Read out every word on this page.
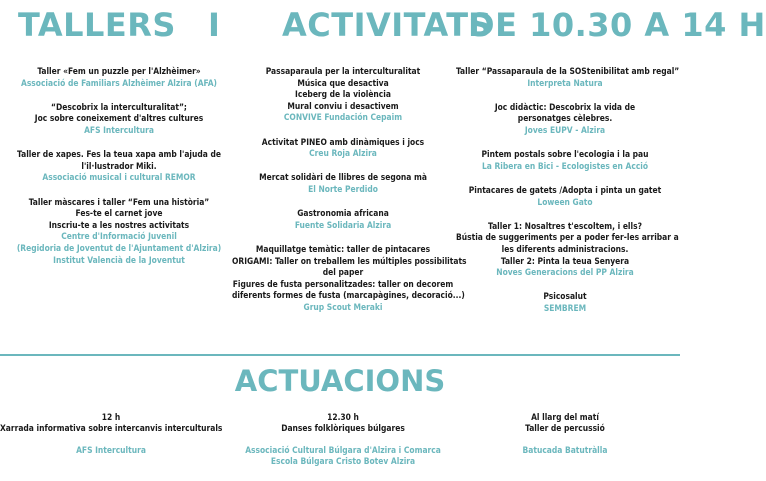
TALLERS I ACTIVITATS
DE 10.30 A 14 H
Taller «Fem un puzzle per l'Alzhèimer»
Associació de Familiars Alzhèimer Alzira (AFA)
“Descobrix la interculturalitat”;
Joc sobre coneixement d'altres cultures
AFS Intercultura
Taller de xapes. Fes la teua xapa amb l'ajuda de
l'il·lustrador Miki.
Associació musical i cultural REMOR
Taller màscares i taller “Fem una història”
Fes-te el carnet jove
Inscriu-te a les nostres activitats
Centre d'Informació Juvenil
(Regidoria de Joventut de l'Ajuntament d'Alzira)
Institut Valencià de la Joventut
Passaparaula per la interculturalitat
Música que desactiva
Iceberg de la violència
Mural conviu i desactivem
CONVIVE Fundación Cepaim
Activitat PINEO amb dinàmiques i jocs
Creu Roja Alzira
Mercat solidàri de llibres de segona mà
El Norte Perdido
Gastronomia africana
Fuente Solidaria Alzira
Maquillatge temàtic: taller de pintacares
ORIGAMI: Taller on treballem les múltiples possibilitats
del paper
Figures de fusta personalitzades: taller on decorem
diferents formes de fusta (marcapàgines, decoració...)
Grup Scout Meraki
Taller “Passaparaula de la SOStenibilitat amb regal”
Interpreta Natura
Joc didàctic: Descobrix la vida de
personatges cèlebres.
Joves EUPV - Alzira
Pintem postals sobre l'ecologia i la pau
La Ribera en Bici - Ecologistes en Acció
Pintacares de gatets /Adopta i pinta un gatet
Loween Gato
Taller 1: Nosaltres t'escoltem, i ells?
Bústia de suggeriments per a poder fer-les arribar a
les diferents administracions.
Taller 2: Pinta la teua Senyera
Noves Generacions del PP Alzira
Psicosalut
SEMBREM
ACTUACIONS
12 h
Xarrada informativa sobre intercanvis interculturals
AFS Intercultura
12.30 h
Danses folklòriques búlgares
Associació Cultural Búlgara d'Alzira i Comarca
Escola Búlgara Cristo Botev Alzira
Al llarg del matí
Taller de percussió
Batucada Batutràlla
